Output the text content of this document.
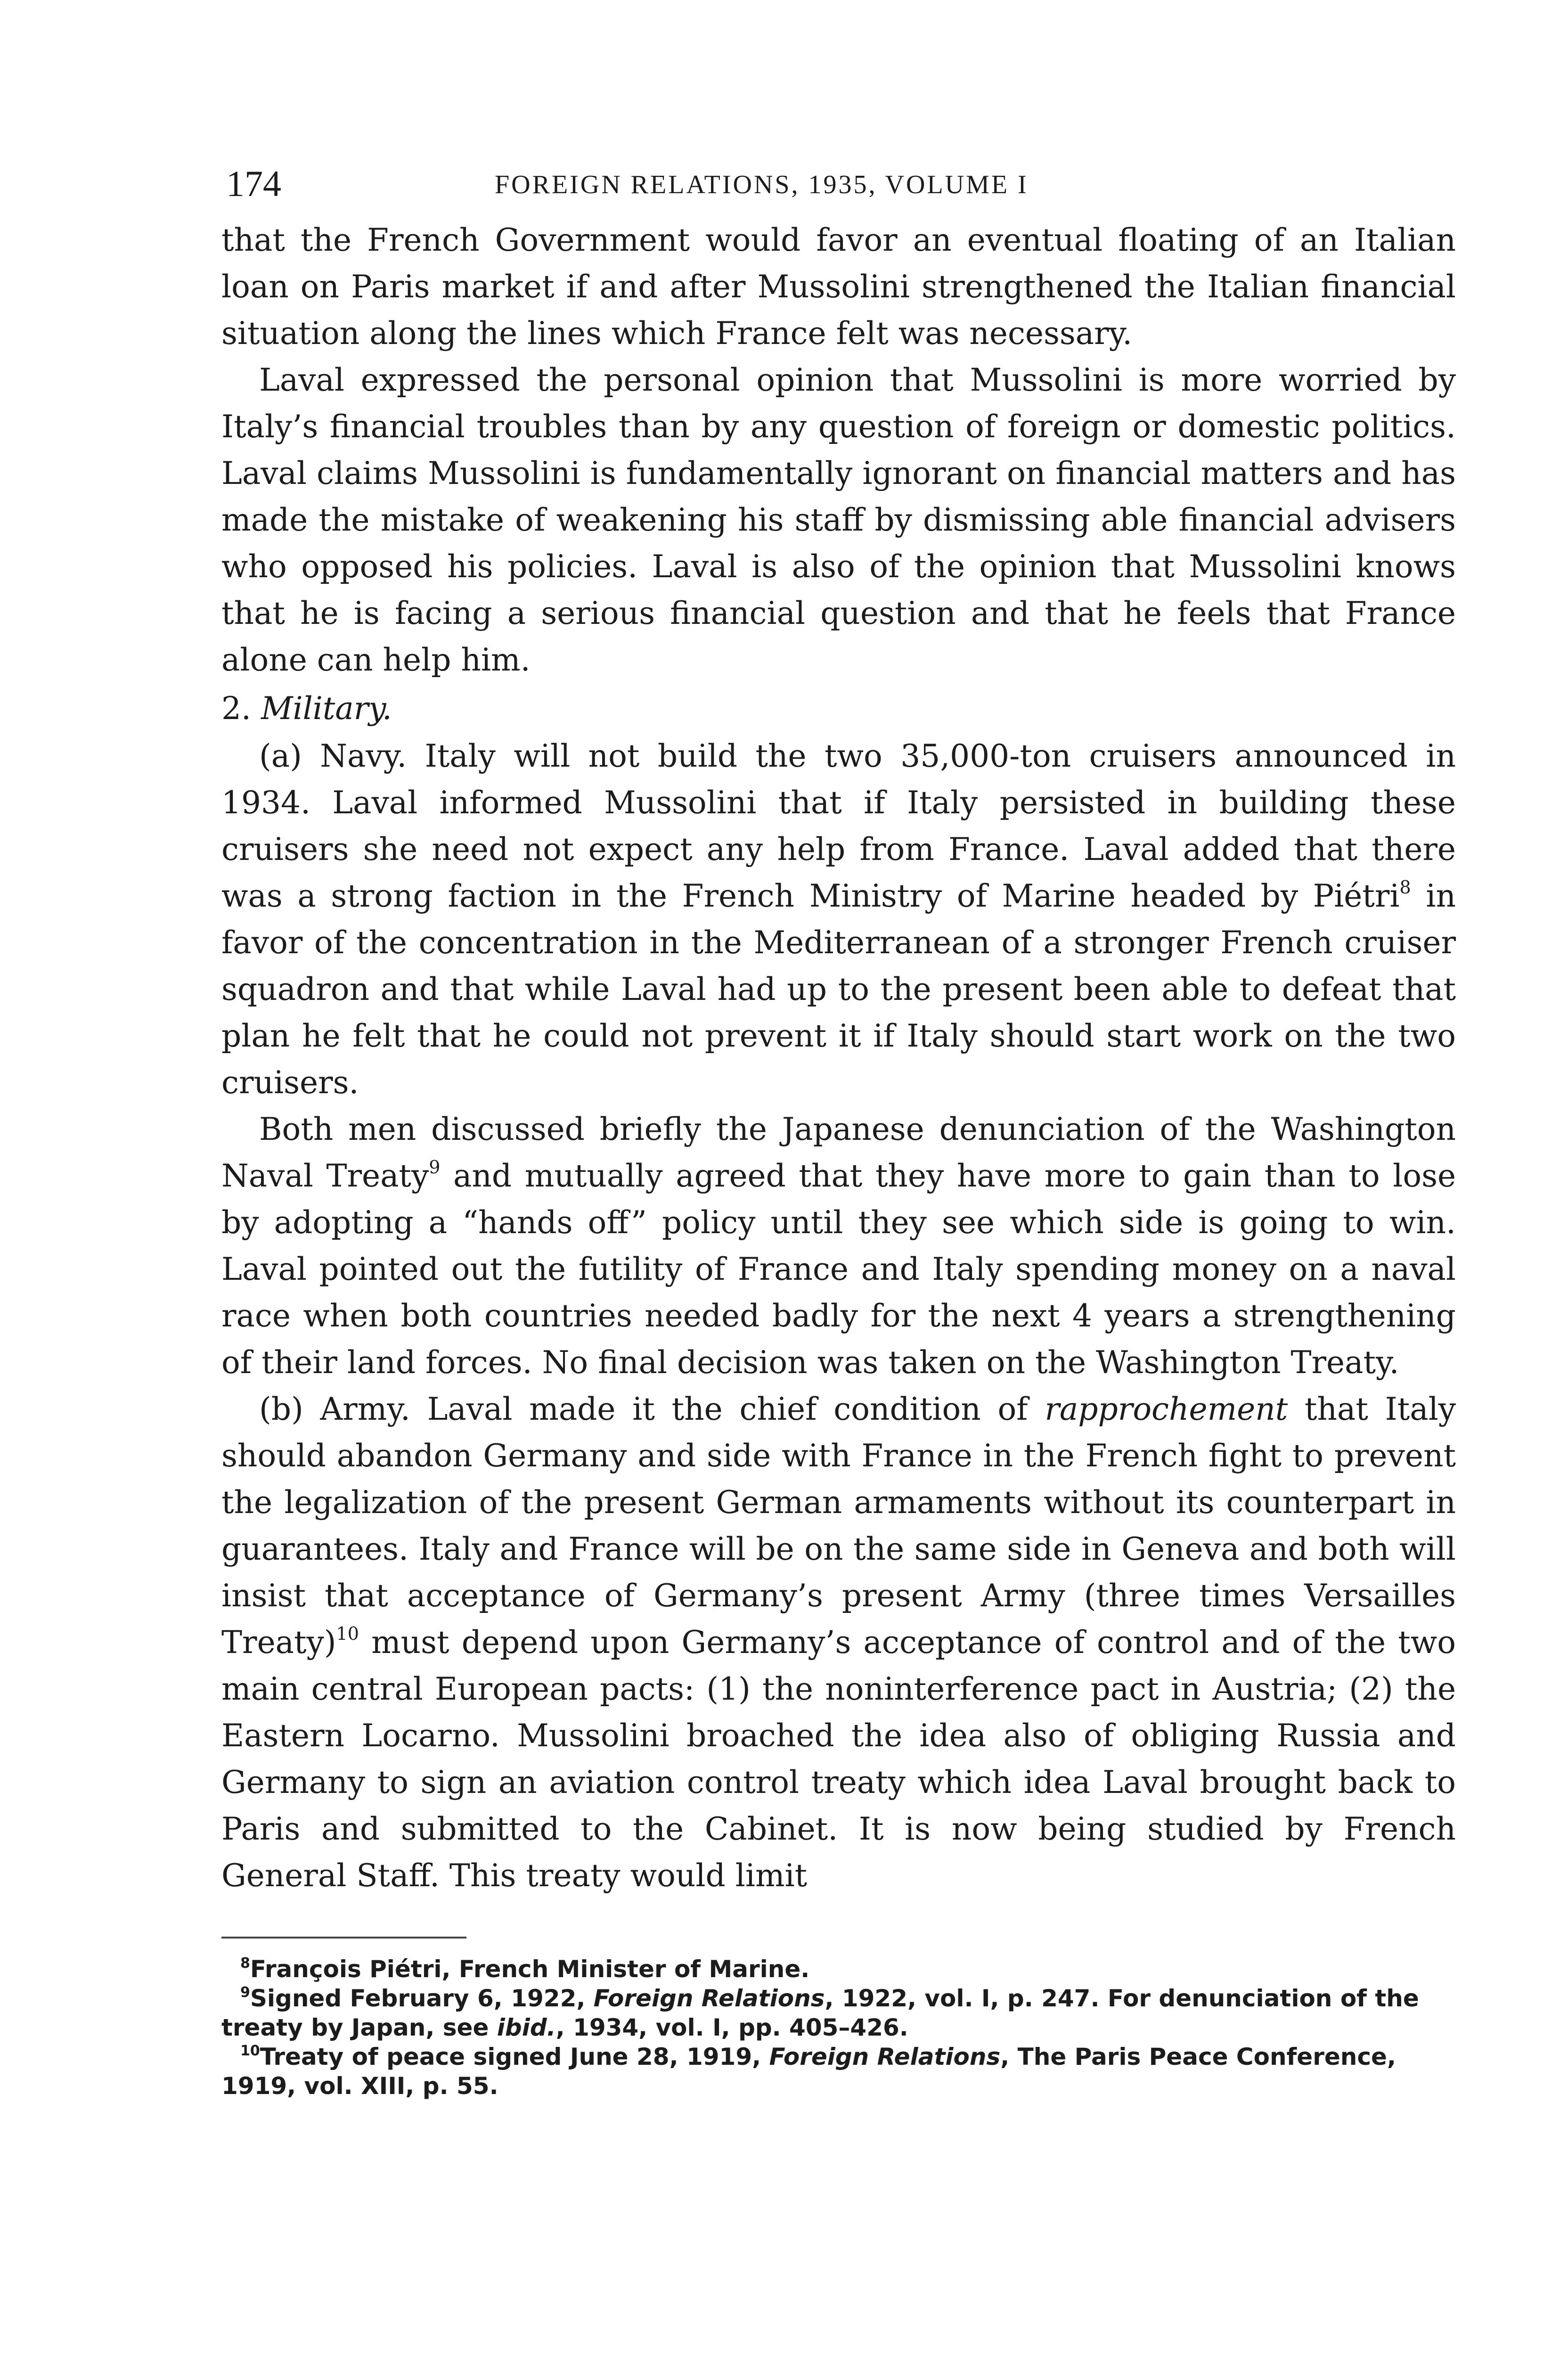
174	FOREIGN RELATIONS, 1935, VOLUME I

that the French Government would favor an eventual floating of an Italian loan on Paris market if and after Mussolini strengthened the Italian financial situation along the lines which France felt was necessary.

Laval expressed the personal opinion that Mussolini is more worried by Italy’s financial troubles than by any question of foreign or domestic politics. Laval claims Mussolini is fundamentally ignorant on financial matters and has made the mistake of weakening his staff by dismissing able financial advisers who opposed his policies. Laval is also of the opinion that Mussolini knows that he is facing a serious financial question and that he feels that France alone can help him.

2. Military.

(a) Navy. Italy will not build the two 35,000-ton cruisers announced in 1934. Laval informed Mussolini that if Italy persisted in building these cruisers she need not expect any help from France. Laval added that there was a strong faction in the French Ministry of Marine headed by Piétri$^8$ in favor of the concentration in the Mediterranean of a stronger French cruiser squadron and that while Laval had up to the present been able to defeat that plan he felt that he could not prevent it if Italy should start work on the two cruisers.

Both men discussed briefly the Japanese denunciation of the Washington Naval Treaty$^9$ and mutually agreed that they have more to gain than to lose by adopting a “hands off” policy until they see which side is going to win. Laval pointed out the futility of France and Italy spending money on a naval race when both countries needed badly for the next 4 years a strengthening of their land forces. No final decision was taken on the Washington Treaty.

(b) Army. Laval made it the chief condition of rapprochement that Italy should abandon Germany and side with France in the French fight to prevent the legalization of the present German armaments without its counterpart in guarantees. Italy and France will be on the same side in Geneva and both will insist that acceptance of Germany’s present Army (three times Versailles Treaty)$^{10}$ must depend upon Germany’s acceptance of control and of the two main central European pacts: (1) the noninterference pact in Austria; (2) the Eastern Locarno. Mussolini broached the idea also of obliging Russia and Germany to sign an aviation control treaty which idea Laval brought back to Paris and submitted to the Cabinet. It is now being studied by French General Staff. This treaty would limit

$^8$François Piétri, French Minister of Marine.

$^9$Signed February 6, 1922, Foreign Relations, 1922, vol. I, p. 247. For denunciation of the treaty by Japan, see ibid., 1934, vol. I, pp. 405–426.

$^{10}$Treaty of peace signed June 28, 1919, Foreign Relations, The Paris Peace Conference, 1919, vol. XIII, p. 55.
